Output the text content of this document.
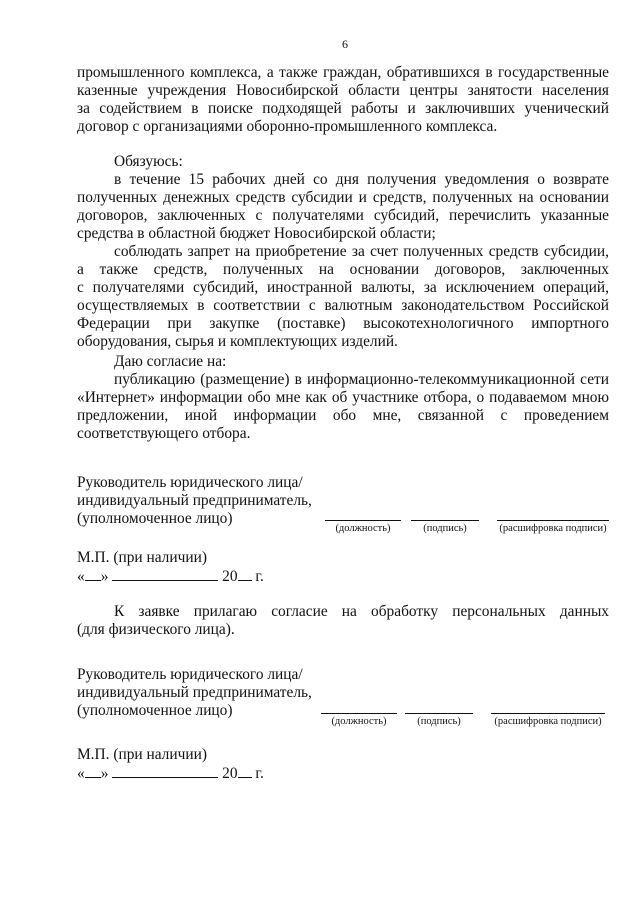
6

промышленного комплекса, а также граждан, обратившихся в государственные

казенные учреждения Новосибирской области центры занятости населения

за содействием в поиске подходящей работы и заключивших ученический

договор с организациями оборонно-промышленного комплекса.

Обязуюсь:

в течение 15 рабочих дней со дня получения уведомления о возврате

полученных денежных средств субсидии и средств, полученных на основании

договоров, заключенных с получателями субсидий, перечислить указанные

средства в областной бюджет Новосибирской области;

соблюдать запрет на приобретение за счет полученных средств субсидии,

а также средств, полученных на основании договоров, заключенных

с получателями субсидий, иностранной валюты, за исключением операций,

осуществляемых в соответствии с валютным законодательством Российской

Федерации при закупке (поставке) высокотехнологичного импортного

оборудования, сырья и комплектующих изделий.

Даю согласие на:

публикацию (размещение) в информационно-телекоммуникационной сети

«Интернет» информации обо мне как об участнике отбора, о подаваемом мною

предложении, иной информации обо мне, связанной с проведением

соответствующего отбора.

Руководитель юридического лица/
индивидуальный предприниматель,
(уполномоченное лицо)
(должность)	(подпись)	(расшифровка подписи)
М.П. (при наличии)
« »	20 г.

К заявке прилагаю согласие на обработку персональных данных

(для физического лица).

Руководитель юридического лица/
индивидуальный предприниматель,
(уполномоченное лицо)
(должность)	(подпись)	(расшифровка подписи)
М.П. (при наличии)
« »	20 г.
